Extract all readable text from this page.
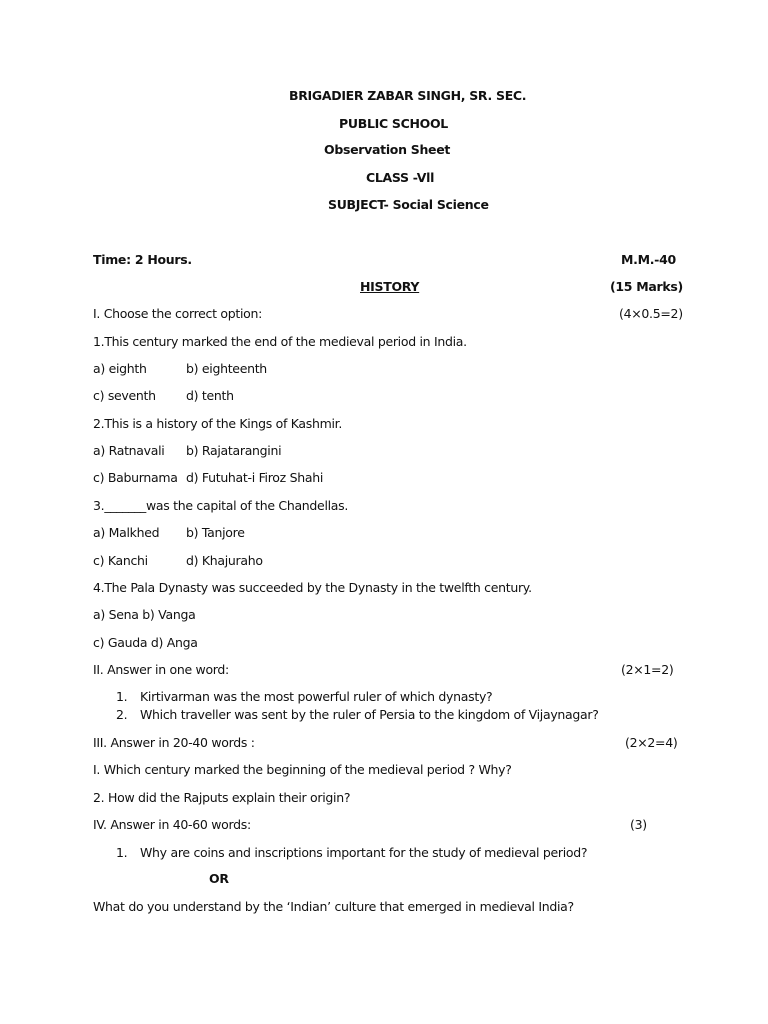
BRIGADIER ZABAR SINGH, SR. SEC.
PUBLIC SCHOOL
Observation Sheet
CLASS -Vll
SUBJECT- Social Science
Time: 2 Hours.	M.M.-40
HISTORY	(15 Marks)
I. Choose the correct option:	(4×0.5=2)
1.This century marked the end of the medieval period in India.
a) eighth	b) eighteenth
c) seventh d) tenth
2.This is a history of the Kings of Kashmir.
a) Ratnavali b) Rajatarangini
c) Baburnama d) Futuhat-i Firoz Shahi
3._______was the capital of the Chandellas.
a) Malkhed b) Tanjore
c) Kanchi	d) Khajuraho
4.The Pala Dynasty was succeeded by the Dynasty in the twelfth century.
a) Sena b) Vanga
c) Gauda d) Anga
II. Answer in one word:	(2×1=2)
1. Kirtivarman was the most powerful ruler of which dynasty?
2. Which traveller was sent by the ruler of Persia to the kingdom of Vijaynagar?
III. Answer in 20-40 words :	(2×2=4)
I. Which century marked the beginning of the medieval period ? Why?
2. How did the Rajputs explain their origin?
IV. Answer in 40-60 words:	(3)
1. Why are coins and inscriptions important for the study of medieval period?
OR
What do you understand by the ‘Indian’ culture that emerged in medieval India?
